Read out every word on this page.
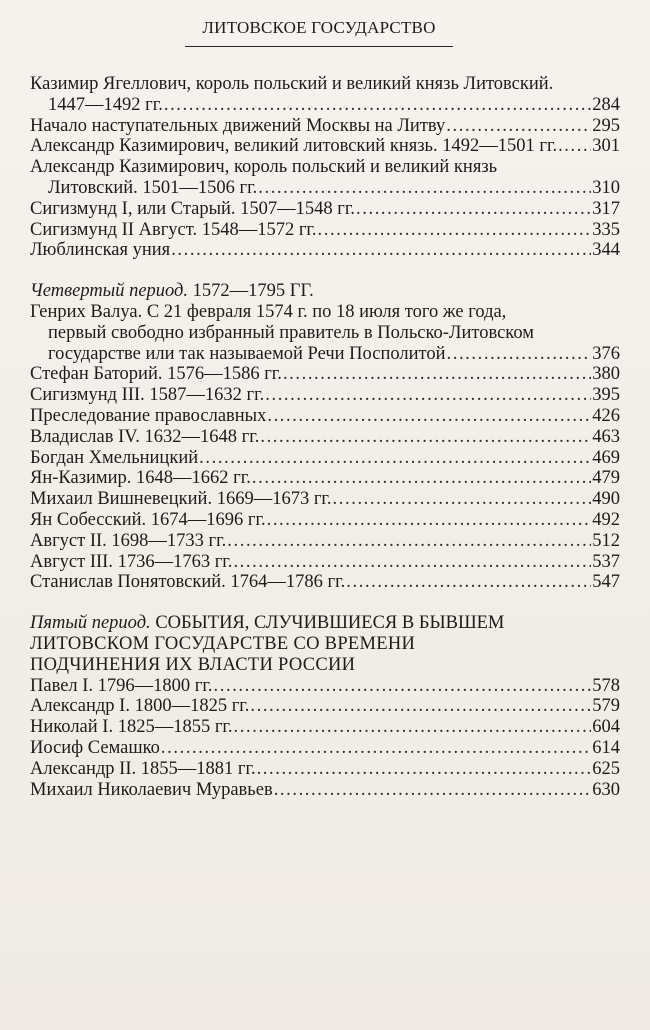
ЛИТОВСКОЕ ГОСУДАРСТВО
Казимир Ягеллович, король польский и великий князь Литовский.
1447—1492 гг. .....	284
Начало наступательных движений Москвы на Литву .....	295
Александр Казимирович, великий литовский князь. 1492—1501 гг. ..... 301
Александр Казимирович, король польский и великий князь
Литовский. 1501—1506 гг. .....	310
Сигизмунд I, или Старый. 1507—1548 гг. .....	317
Сигизмунд II Август. 1548—1572 гг. .....	335
Люблинская уния .....	344
Четвертый период. 1572—1795 ГГ.
Генрих Валуа. С 21 февраля 1574 г. по 18 июля того же года,
первый свободно избранный правитель в Польско-Литовском
государстве или так называемой Речи Посполитой .....	376
Стефан Баторий. 1576—1586 гг. .....	380
Сигизмунд III. 1587—1632 гг. .....	395
Преследование православных .....	426
Владислав IV. 1632—1648 гг. .....	463
Богдан Хмельницкий .....	469
Ян-Казимир. 1648—1662 гг. .....	479
Михаил Вишневецкий. 1669—1673 гг. .....	490
Ян Собесский. 1674—1696 гг. .....	492
Август II. 1698—1733 гг. .....	512
Август III. 1736—1763 гг. .....	537
Станислав Понятовский. 1764—1786 гг. .....	547
Пятый период. СОБЫТИЯ, СЛУЧИВШИЕСЯ В БЫВШЕМ
ЛИТОВСКОМ ГОСУДАРСТВЕ СО ВРЕМЕНИ
ПОДЧИНЕНИЯ ИХ ВЛАСТИ РОССИИ
Павел I. 1796—1800 гг. .....	578
Александр I. 1800—1825 гг. .....	579
Николай I. 1825—1855 гг. .....	604
Иосиф Семашко .....	614
Александр II. 1855—1881 гг. .....	625
Михаил Николаевич Муравьев .....	630
